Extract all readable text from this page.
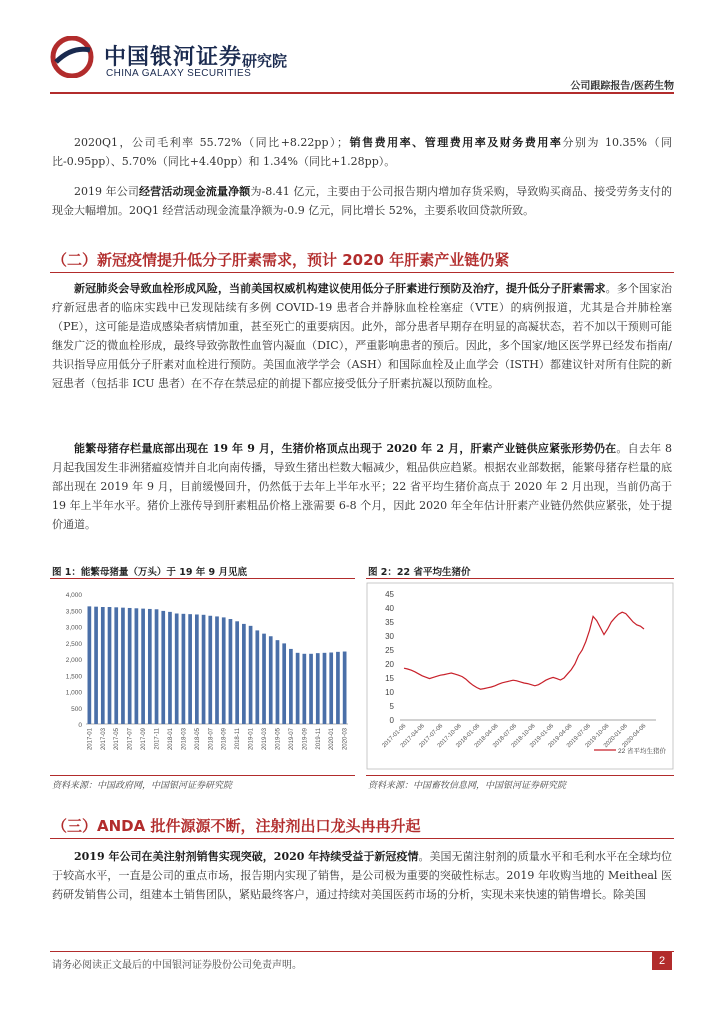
中国银河证券
CHINA GALAXY SECURITIES
研究院
公司跟踪报告/医药生物
2020Q1，公司毛利率 55.72%（同比+8.22pp）；销售费用率、管理费用率及财务费用率分别为 10.35%（同比-0.95pp）、5.70%（同比+4.40pp）和 1.34%（同比+1.28pp）。
2019 年公司经营活动现金流量净额为-8.41 亿元，主要由于公司报告期内增加存货采购，导致购买商品、接受劳务支付的现金大幅增加。20Q1 经营活动现金流量净额为-0.9 亿元，同比增长 52%，主要系收回贷款所致。
（二）新冠疫情提升低分子肝素需求，预计 2020 年肝素产业链仍紧
新冠肺炎会导致血栓形成风险，当前美国权威机构建议使用低分子肝素进行预防及治疗，提升低分子肝素需求。多个国家治疗新冠患者的临床实践中已发现陆续有多例 COVID-19 患者合并静脉血栓栓塞症（VTE）的病例报道，尤其是合并肺栓塞（PE），这可能是造成感染者病情加重，甚至死亡的重要病因。此外，部分患者早期存在明显的高凝状态，若不加以干预则可能继发广泛的微血栓形成，最终导致弥散性血管内凝血（DIC），严重影响患者的预后。因此，多个国家/地区医学界已经发布指南/共识指导应用低分子肝素对血栓进行预防。美国血液学学会（ASH）和国际血栓及止血学会（ISTH）都建议针对所有住院的新冠患者（包括非 ICU 患者）在不存在禁忌症的前提下都应接受低分子肝素抗凝以预防血栓。
能繁母猪存栏量底部出现在 19 年 9 月，生猪价格顶点出现于 2020 年 2 月，肝素产业链供应紧张形势仍在。自去年 8 月起我国发生非洲猪瘟疫情并自北向南传播，导致生猪出栏数大幅减少，粗品供应趋紧。根据农业部数据，能繁母猪存栏量的底部出现在 2019 年 9 月，目前缓慢回升，仍然低于去年上半年水平；22 省平均生猪价高点于 2020 年 2 月出现，当前仍高于 19 年上半年水平。猪价上涨传导到肝素粗品价格上涨需要 6-8 个月，因此 2020 年全年估计肝素产业链仍然供应紧张，处于提价通道。
图 1：能繁母猪量（万头）于 19 年 9 月见底
4,000
3,500
3,000
2,500
2,000
1,500
1,000
500
0
2017-01 2017-03 2017-05 2017-07 2017-09 2017-11 2018-01 2018-03 2018-05 2018-07 2018-09 2018-11 2019-01 2019-03 2019-05 2019-07 2019-09 2019-11 2020-01 2020-03
资料来源：中国政府网，中国银河证券研究院
图 2：22 省平均生猪价
45
40
35
30
25
20
15
10
5
0
2017-01-06
2017-04-06
2017-07-06
2017-10-06
2018-01-06
2018-04-06
2018-07-06
2018-10-06
2019-01-06
2019-04-06
2019-07-06
2019-10-06
2020-01-06
2020-04-06
22 省平均生猪价
资料来源：中国畜牧信息网，中国银河证券研究院
（三）ANDA 批件源源不断，注射剂出口龙头冉冉升起
2019 年公司在美注射剂销售实现突破，2020 年持续受益于新冠疫情。美国无菌注射剂的质量水平和毛利水平在全球均位于较高水平，一直是公司的重点市场，报告期内实现了销售，是公司极为重要的突破性标志。2019 年收购当地的 Meitheal 医药研发销售公司，组建本土销售团队，紧贴最终客户，通过持续对美国医药市场的分析，实现未来快速的销售增长。除美国
请务必阅读正文最后的中国银河证券股份公司免责声明。	2
